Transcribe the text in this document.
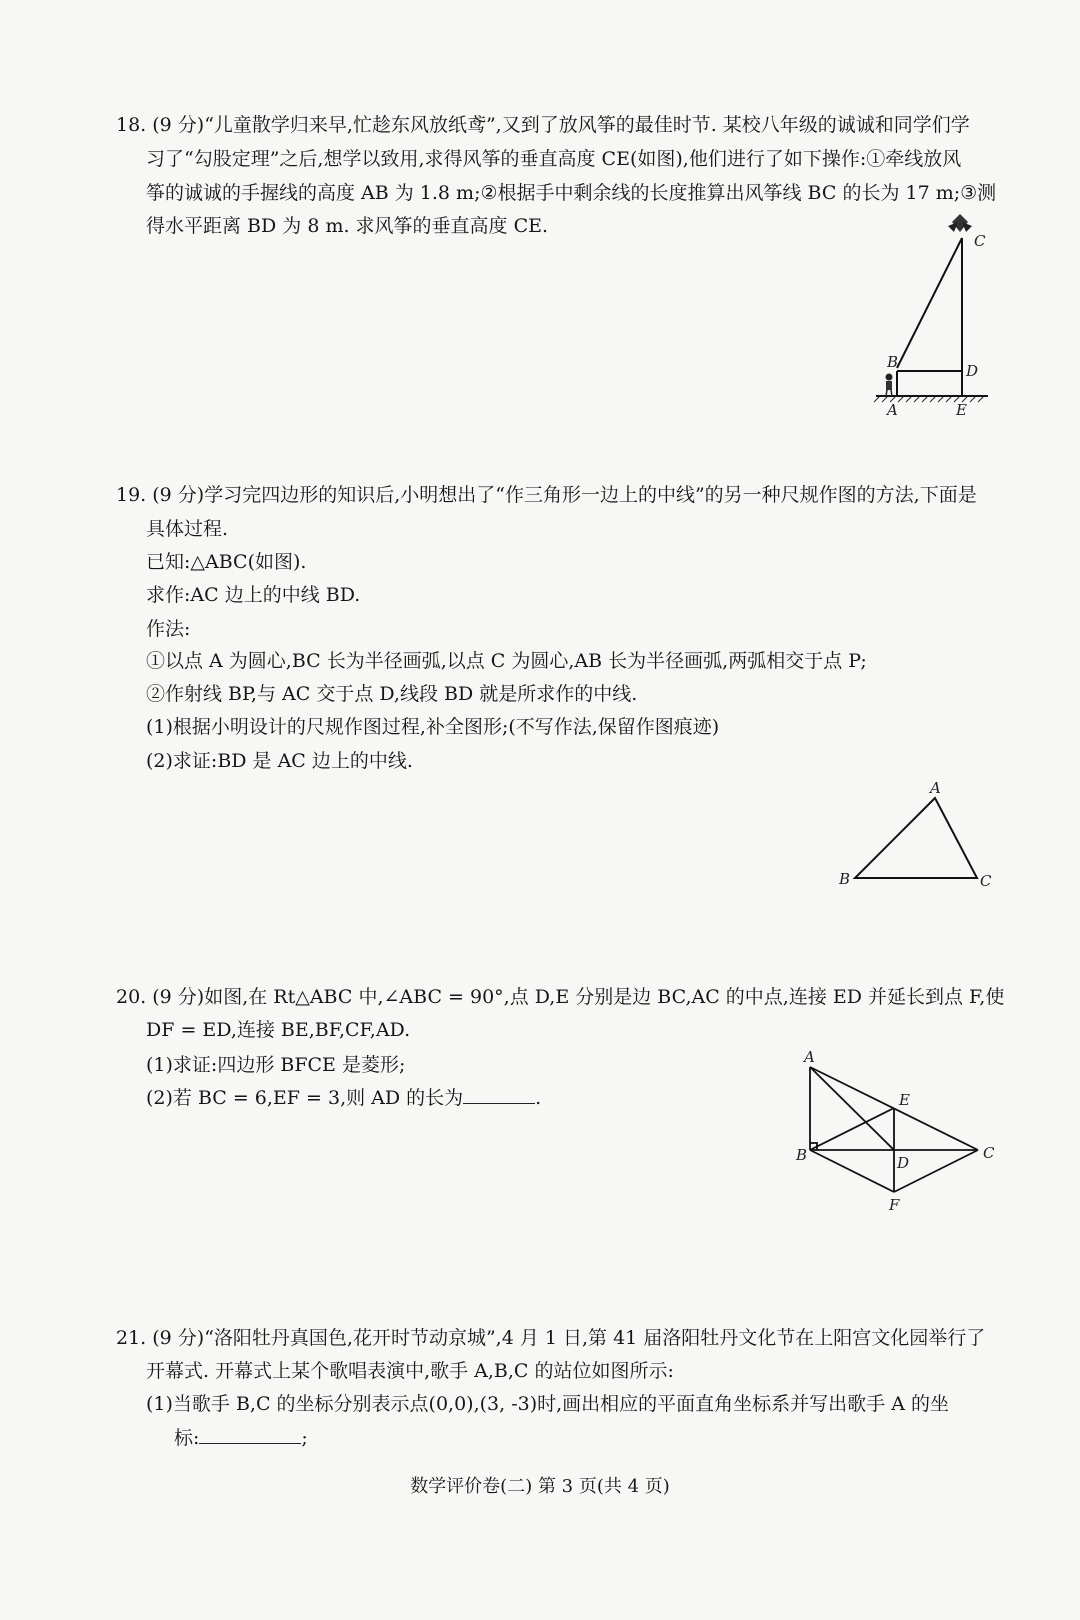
18. (9 分)“儿童散学归来早,忙趁东风放纸鸢”,又到了放风筝的最佳时节. 某校八年级的诚诚和同学们学
习了“勾股定理”之后,想学以致用,求得风筝的垂直高度 CE(如图),他们进行了如下操作:①牵线放风
筝的诚诚的手握线的高度 AB 为 1.8 m;②根据手中剩余线的长度推算出风筝线 BC 的长为 17 m;③测
得水平距离 BD 为 8 m. 求风筝的垂直高度 CE.
C
B	D
A	E
19. (9 分)学习完四边形的知识后,小明想出了“作三角形一边上的中线”的另一种尺规作图的方法,下面是
具体过程.
已知:△ABC(如图).
求作:AC 边上的中线 BD.
作法:
①以点 A 为圆心,BC 长为半径画弧,以点 C 为圆心,AB 长为半径画弧,两弧相交于点 P;
②作射线 BP,与 AC 交于点 D,线段 BD 就是所求作的中线.
(1)根据小明设计的尺规作图过程,补全图形;(不写作法,保留作图痕迹)
(2)求证:BD 是 AC 边上的中线.
A
B	C
20. (9 分)如图,在 Rt△ABC 中,∠ABC = 90°,点 D,E 分别是边 BC,AC 的中点,连接 ED 并延长到点 F,使
DF = ED,连接 BE,BF,CF,AD.
(1)求证:四边形 BFCE 是菱形;
(2)若 BC = 6,EF = 3,则 AD 的长为	.
A
E
B	D
C
F
21. (9 分)“洛阳牡丹真国色,花开时节动京城”,4 月 1 日,第 41 届洛阳牡丹文化节在上阳宫文化园举行了
开幕式. 开幕式上某个歌唱表演中,歌手 A,B,C 的站位如图所示:
(1)当歌手 B,C 的坐标分别表示点(0,0),(3, -3)时,画出相应的平面直角坐标系并写出歌手 A 的坐
标:	;
数学评价卷(二) 第 3 页(共 4 页)
